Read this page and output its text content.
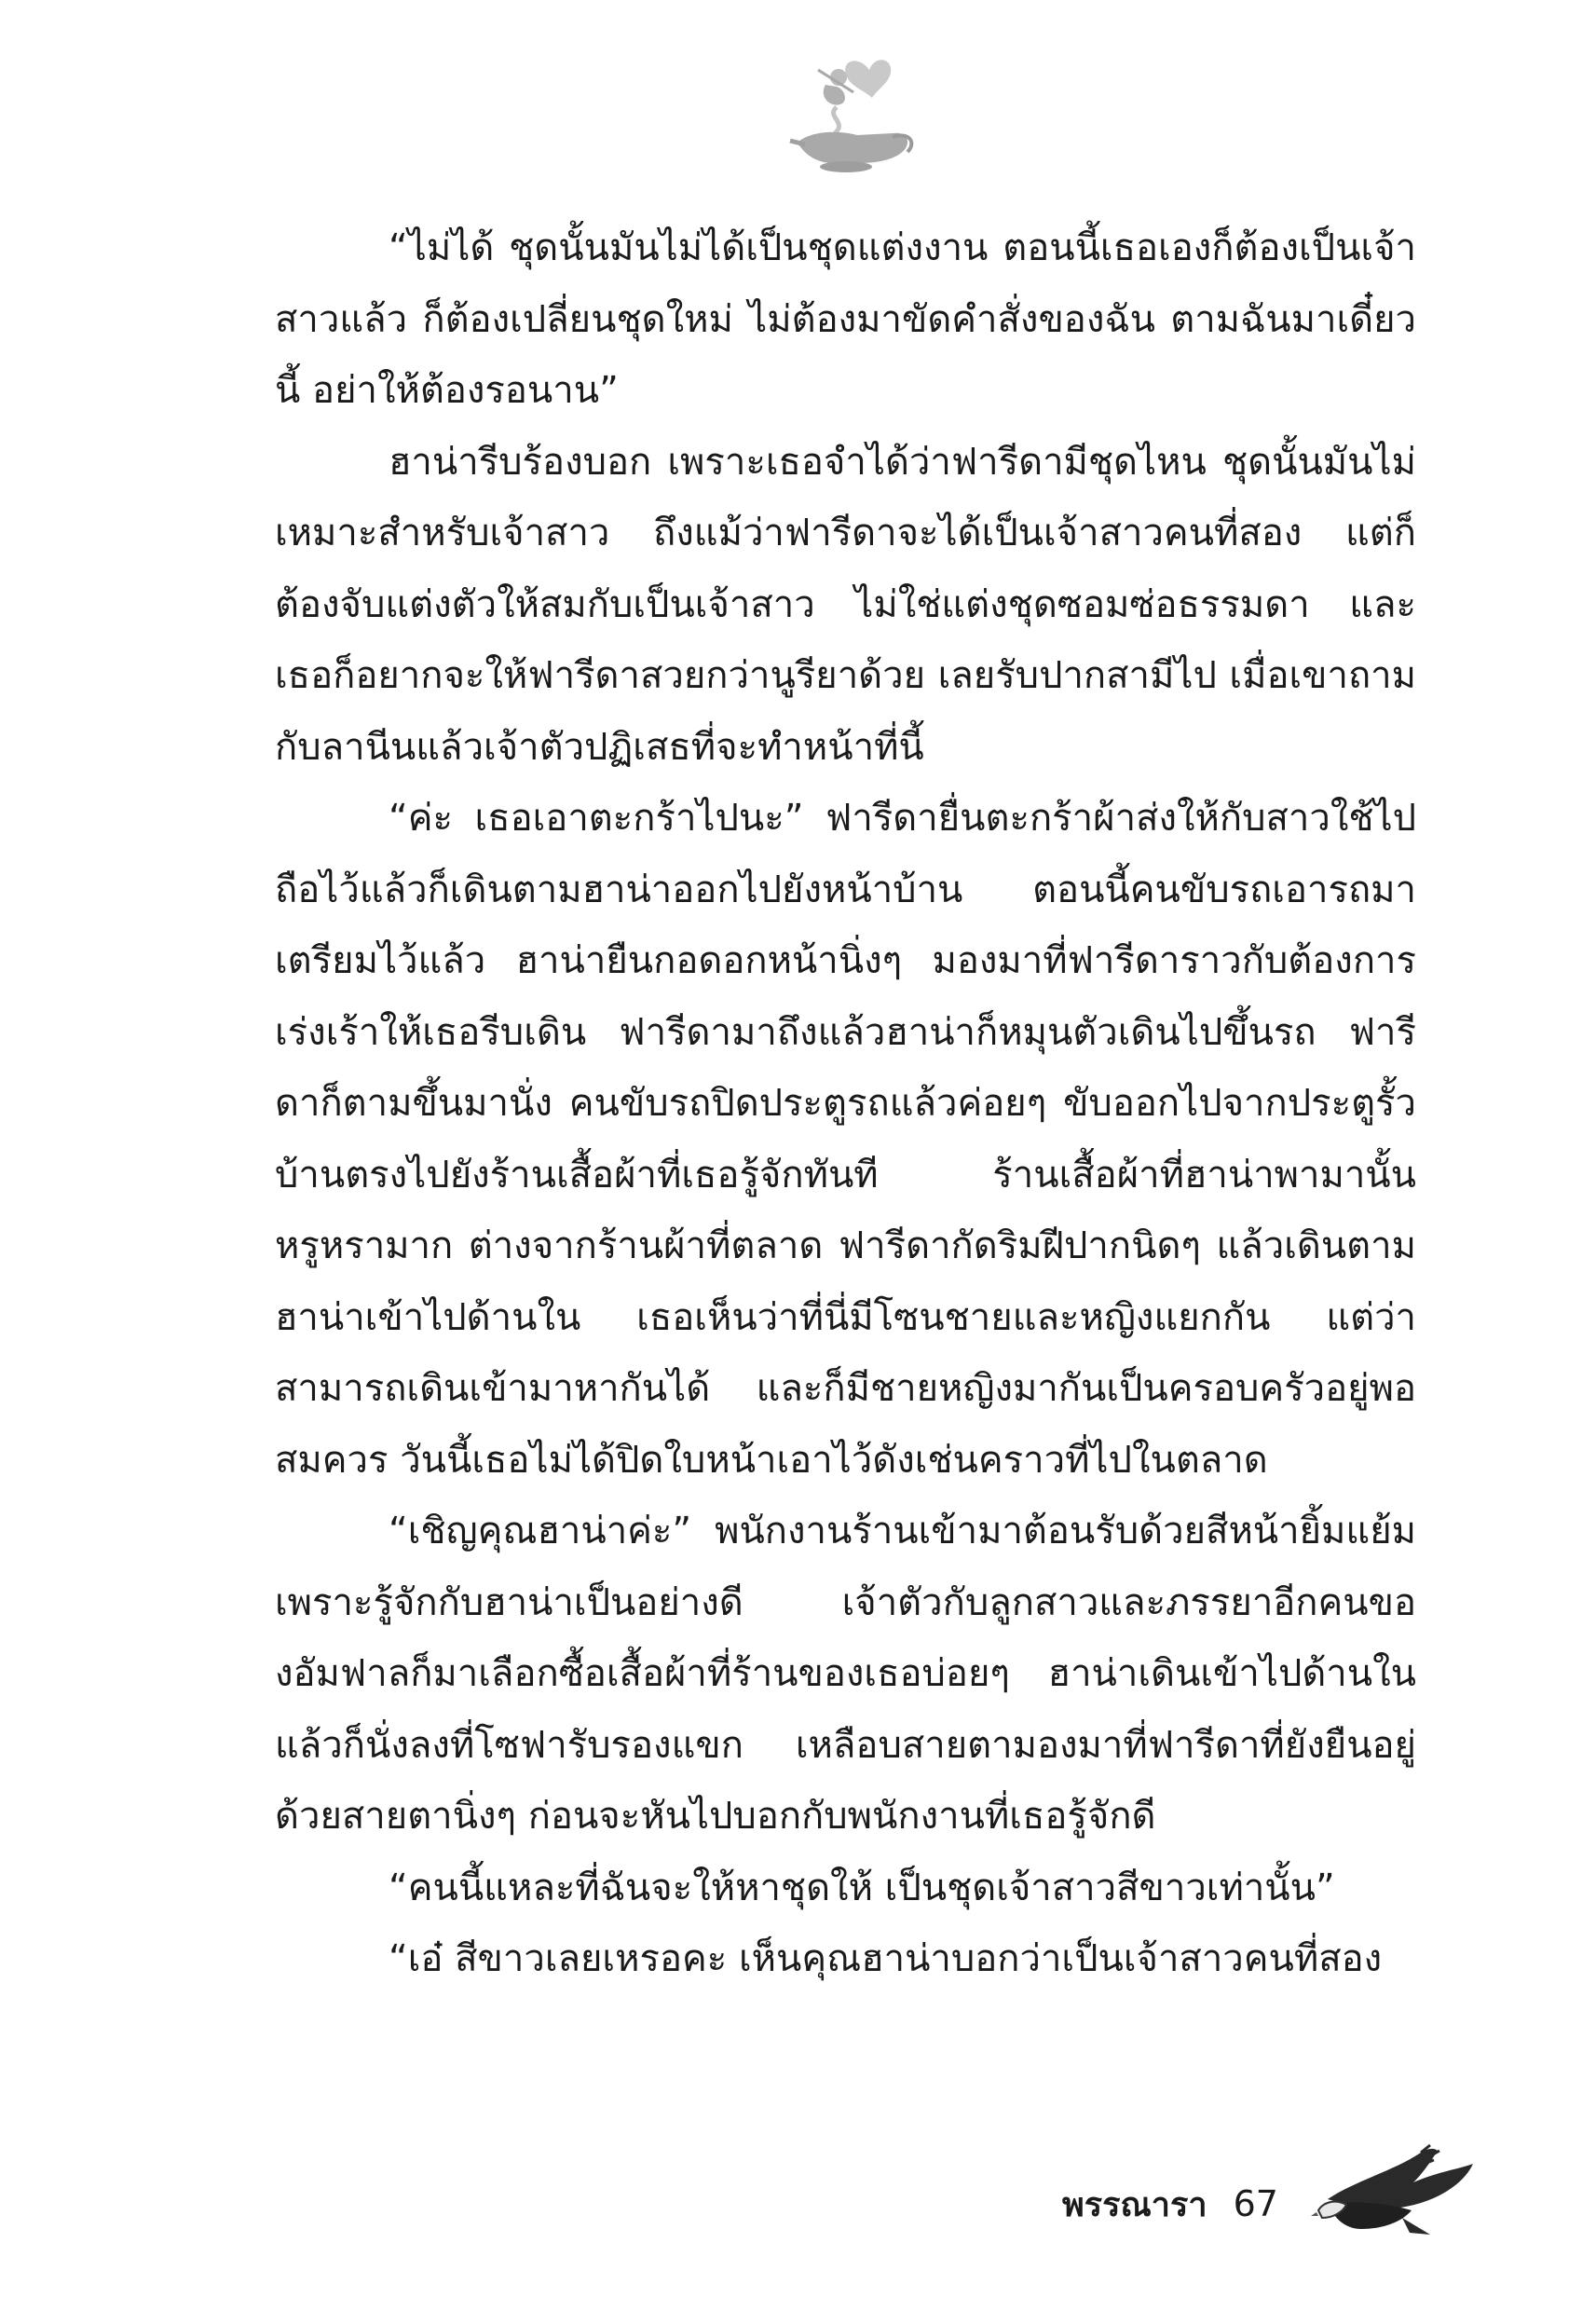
“ไม่ได้ ชุดนั้นมันไม่ได้เป็นชุดแต่งงาน ตอนนี้เธอเองก็ต้องเป็นเจ้าสาวแล้ว ก็ต้องเปลี่ยนชุดใหม่ ไม่ต้องมาขัดคำสั่งของฉัน ตามฉันมาเดี๋ยวนี้ อย่าให้ต้องรอนาน”

ฮาน่ารีบร้องบอก เพราะเธอจำได้ว่าฟารีดามีชุดไหน ชุดนั้นมันไม่เหมาะสำหรับเจ้าสาว ถึงแม้ว่าฟารีดาจะได้เป็นเจ้าสาวคนที่สอง แต่ก็ต้องจับแต่งตัวให้สมกับเป็นเจ้าสาว ไม่ใช่แต่งชุดซอมซ่อธรรมดา และเธอก็อยากจะให้ฟารีดาสวยกว่านูรียาด้วย เลยรับปากสามีไป เมื่อเขาถามกับลานีนแล้วเจ้าตัวปฏิเสธที่จะทำหน้าที่นี้

“ค่ะ เธอเอาตะกร้าไปนะ” ฟารีดายื่นตะกร้าผ้าส่งให้กับสาวใช้ไปถือไว้แล้วก็เดินตามฮาน่าออกไปยังหน้าบ้าน ตอนนี้คนขับรถเอารถมาเตรียมไว้แล้ว ฮาน่ายืนกอดอกหน้านิ่งๆ มองมาที่ฟารีดาราวกับต้องการเร่งเร้าให้เธอรีบเดิน ฟารีดามาถึงแล้วฮาน่าก็หมุนตัวเดินไปขึ้นรถ ฟารีดาก็ตามขึ้นมานั่ง คนขับรถปิดประตูรถแล้วค่อยๆ ขับออกไปจากประตูรั้วบ้านตรงไปยังร้านเสื้อผ้าที่เธอรู้จักทันที ร้านเสื้อผ้าที่ฮาน่าพามานั้นหรูหรามาก ต่างจากร้านผ้าที่ตลาด ฟารีดากัดริมฝีปากนิดๆ แล้วเดินตามฮาน่าเข้าไปด้านใน เธอเห็นว่าที่นี่มีโซนชายและหญิงแยกกัน แต่ว่าสามารถเดินเข้ามาหากันได้ และก็มีชายหญิงมากันเป็นครอบครัวอยู่พอสมควร วันนี้เธอไม่ได้ปิดใบหน้าเอาไว้ดังเช่นคราวที่ไปในตลาด

“เชิญคุณฮาน่าค่ะ” พนักงานร้านเข้ามาต้อนรับด้วยสีหน้ายิ้มแย้มเพราะรู้จักกับฮาน่าเป็นอย่างดี เจ้าตัวกับลูกสาวและภรรยาอีกคนของอัมฟาลก็มาเลือกซื้อเสื้อผ้าที่ร้านของเธอบ่อยๆ ฮาน่าเดินเข้าไปด้านในแล้วก็นั่งลงที่โซฟารับรองแขก เหลือบสายตามองมาที่ฟารีดาที่ยังยืนอยู่ด้วยสายตานิ่งๆ ก่อนจะหันไปบอกกับพนักงานที่เธอรู้จักดี

“คนนี้แหละที่ฉันจะให้หาชุดให้ เป็นชุดเจ้าสาวสีขาวเท่านั้น”

“เอ๋ สีขาวเลยเหรอคะ เห็นคุณฮาน่าบอกว่าเป็นเจ้าสาวคนที่สอง

พรรณารา 67
